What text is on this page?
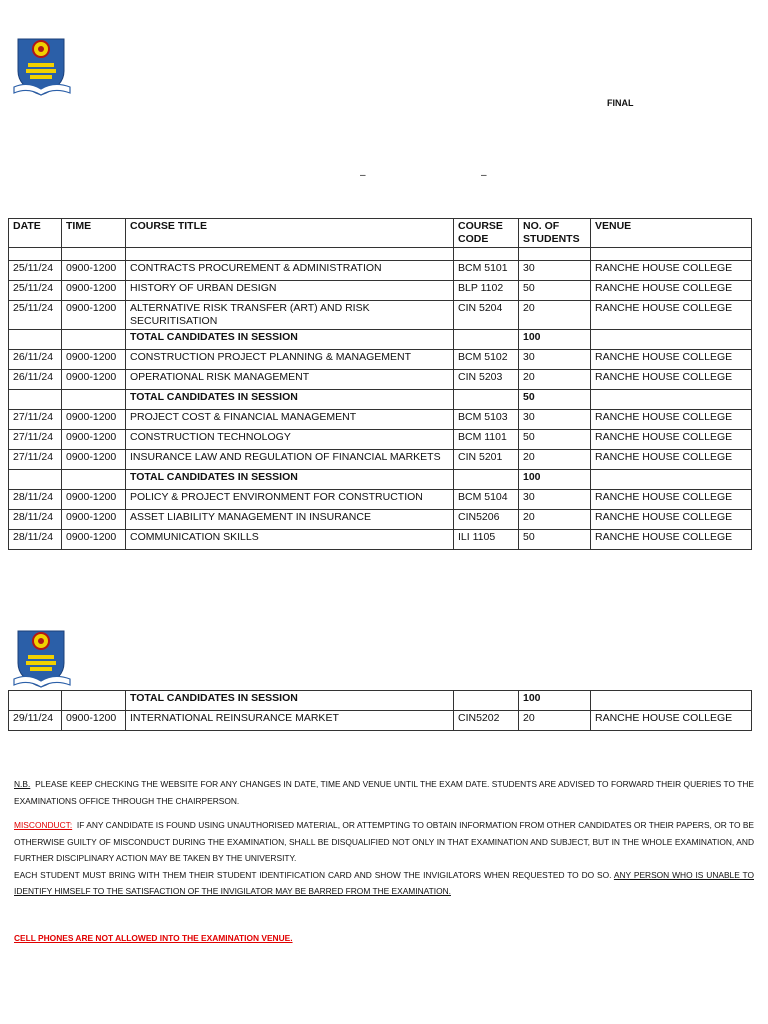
FINAL
–	–
DATE	TIME	COURSE TITLE	COURSE CODE	NO. OF STUDENTS	VENUE

25/11/24	0900-1200	CONTRACTS PROCUREMENT & ADMINISTRATION	BCM 5101	30	RANCHE HOUSE COLLEGE
25/11/24	0900-1200	HISTORY OF URBAN DESIGN	BLP 1102	50	RANCHE HOUSE COLLEGE
25/11/24	0900-1200	ALTERNATIVE RISK TRANSFER (ART) AND RISK SECURITISATION	CIN 5204	20	RANCHE HOUSE COLLEGE
		TOTAL CANDIDATES IN SESSION		100	
26/11/24	0900-1200	CONSTRUCTION PROJECT PLANNING & MANAGEMENT	BCM 5102	30	RANCHE HOUSE COLLEGE
26/11/24	0900-1200	OPERATIONAL RISK MANAGEMENT	CIN 5203	20	RANCHE HOUSE COLLEGE
		TOTAL CANDIDATES IN SESSION		50	
27/11/24	0900-1200	PROJECT COST & FINANCIAL MANAGEMENT	BCM 5103	30	RANCHE HOUSE COLLEGE
27/11/24	0900-1200	CONSTRUCTION TECHNOLOGY	BCM 1101	50	RANCHE HOUSE COLLEGE
27/11/24	0900-1200	INSURANCE LAW AND REGULATION OF FINANCIAL MARKETS	CIN 5201	20	RANCHE HOUSE COLLEGE
		TOTAL CANDIDATES IN SESSION		100	
28/11/24	0900-1200	POLICY & PROJECT ENVIRONMENT FOR CONSTRUCTION	BCM 5104	30	RANCHE HOUSE COLLEGE
28/11/24	0900-1200	ASSET LIABILITY MANAGEMENT IN INSURANCE	CIN5206	20	RANCHE HOUSE COLLEGE
28/11/24	0900-1200	COMMUNICATION SKILLS	ILI 1105	50	RANCHE HOUSE COLLEGE
		TOTAL CANDIDATES IN SESSION		100	
29/11/24	0900-1200	INTERNATIONAL REINSURANCE MARKET	CIN5202	20	RANCHE HOUSE COLLEGE

N.B. PLEASE KEEP CHECKING THE WEBSITE FOR ANY CHANGES IN DATE, TIME AND VENUE UNTIL THE EXAM DATE. STUDENTS ARE ADVISED TO FORWARD THEIR QUERIES TO THE EXAMINATIONS OFFICE THROUGH THE CHAIRPERSON.

MISCONDUCT: IF ANY CANDIDATE IS FOUND USING UNAUTHORISED MATERIAL, OR ATTEMPTING TO OBTAIN INFORMATION FROM OTHER CANDIDATES OR THEIR PAPERS, OR TO BE OTHERWISE GUILTY OF MISCONDUCT DURING THE EXAMINATION, SHALL BE DISQUALIFIED NOT ONLY IN THAT EXAMINATION AND SUBJECT, BUT IN THE WHOLE EXAMINATION, AND FURTHER DISCIPLINARY ACTION MAY BE TAKEN BY THE UNIVERSITY.

EACH STUDENT MUST BRING WITH THEM THEIR STUDENT IDENTIFICATION CARD AND SHOW THE INVIGILATORS WHEN REQUESTED TO DO SO. ANY PERSON WHO IS UNABLE TO IDENTIFY HIMSELF TO THE SATISFACTION OF THE INVIGILATOR MAY BE BARRED FROM THE EXAMINATION.

CELL PHONES ARE NOT ALLOWED INTO THE EXAMINATION VENUE.
